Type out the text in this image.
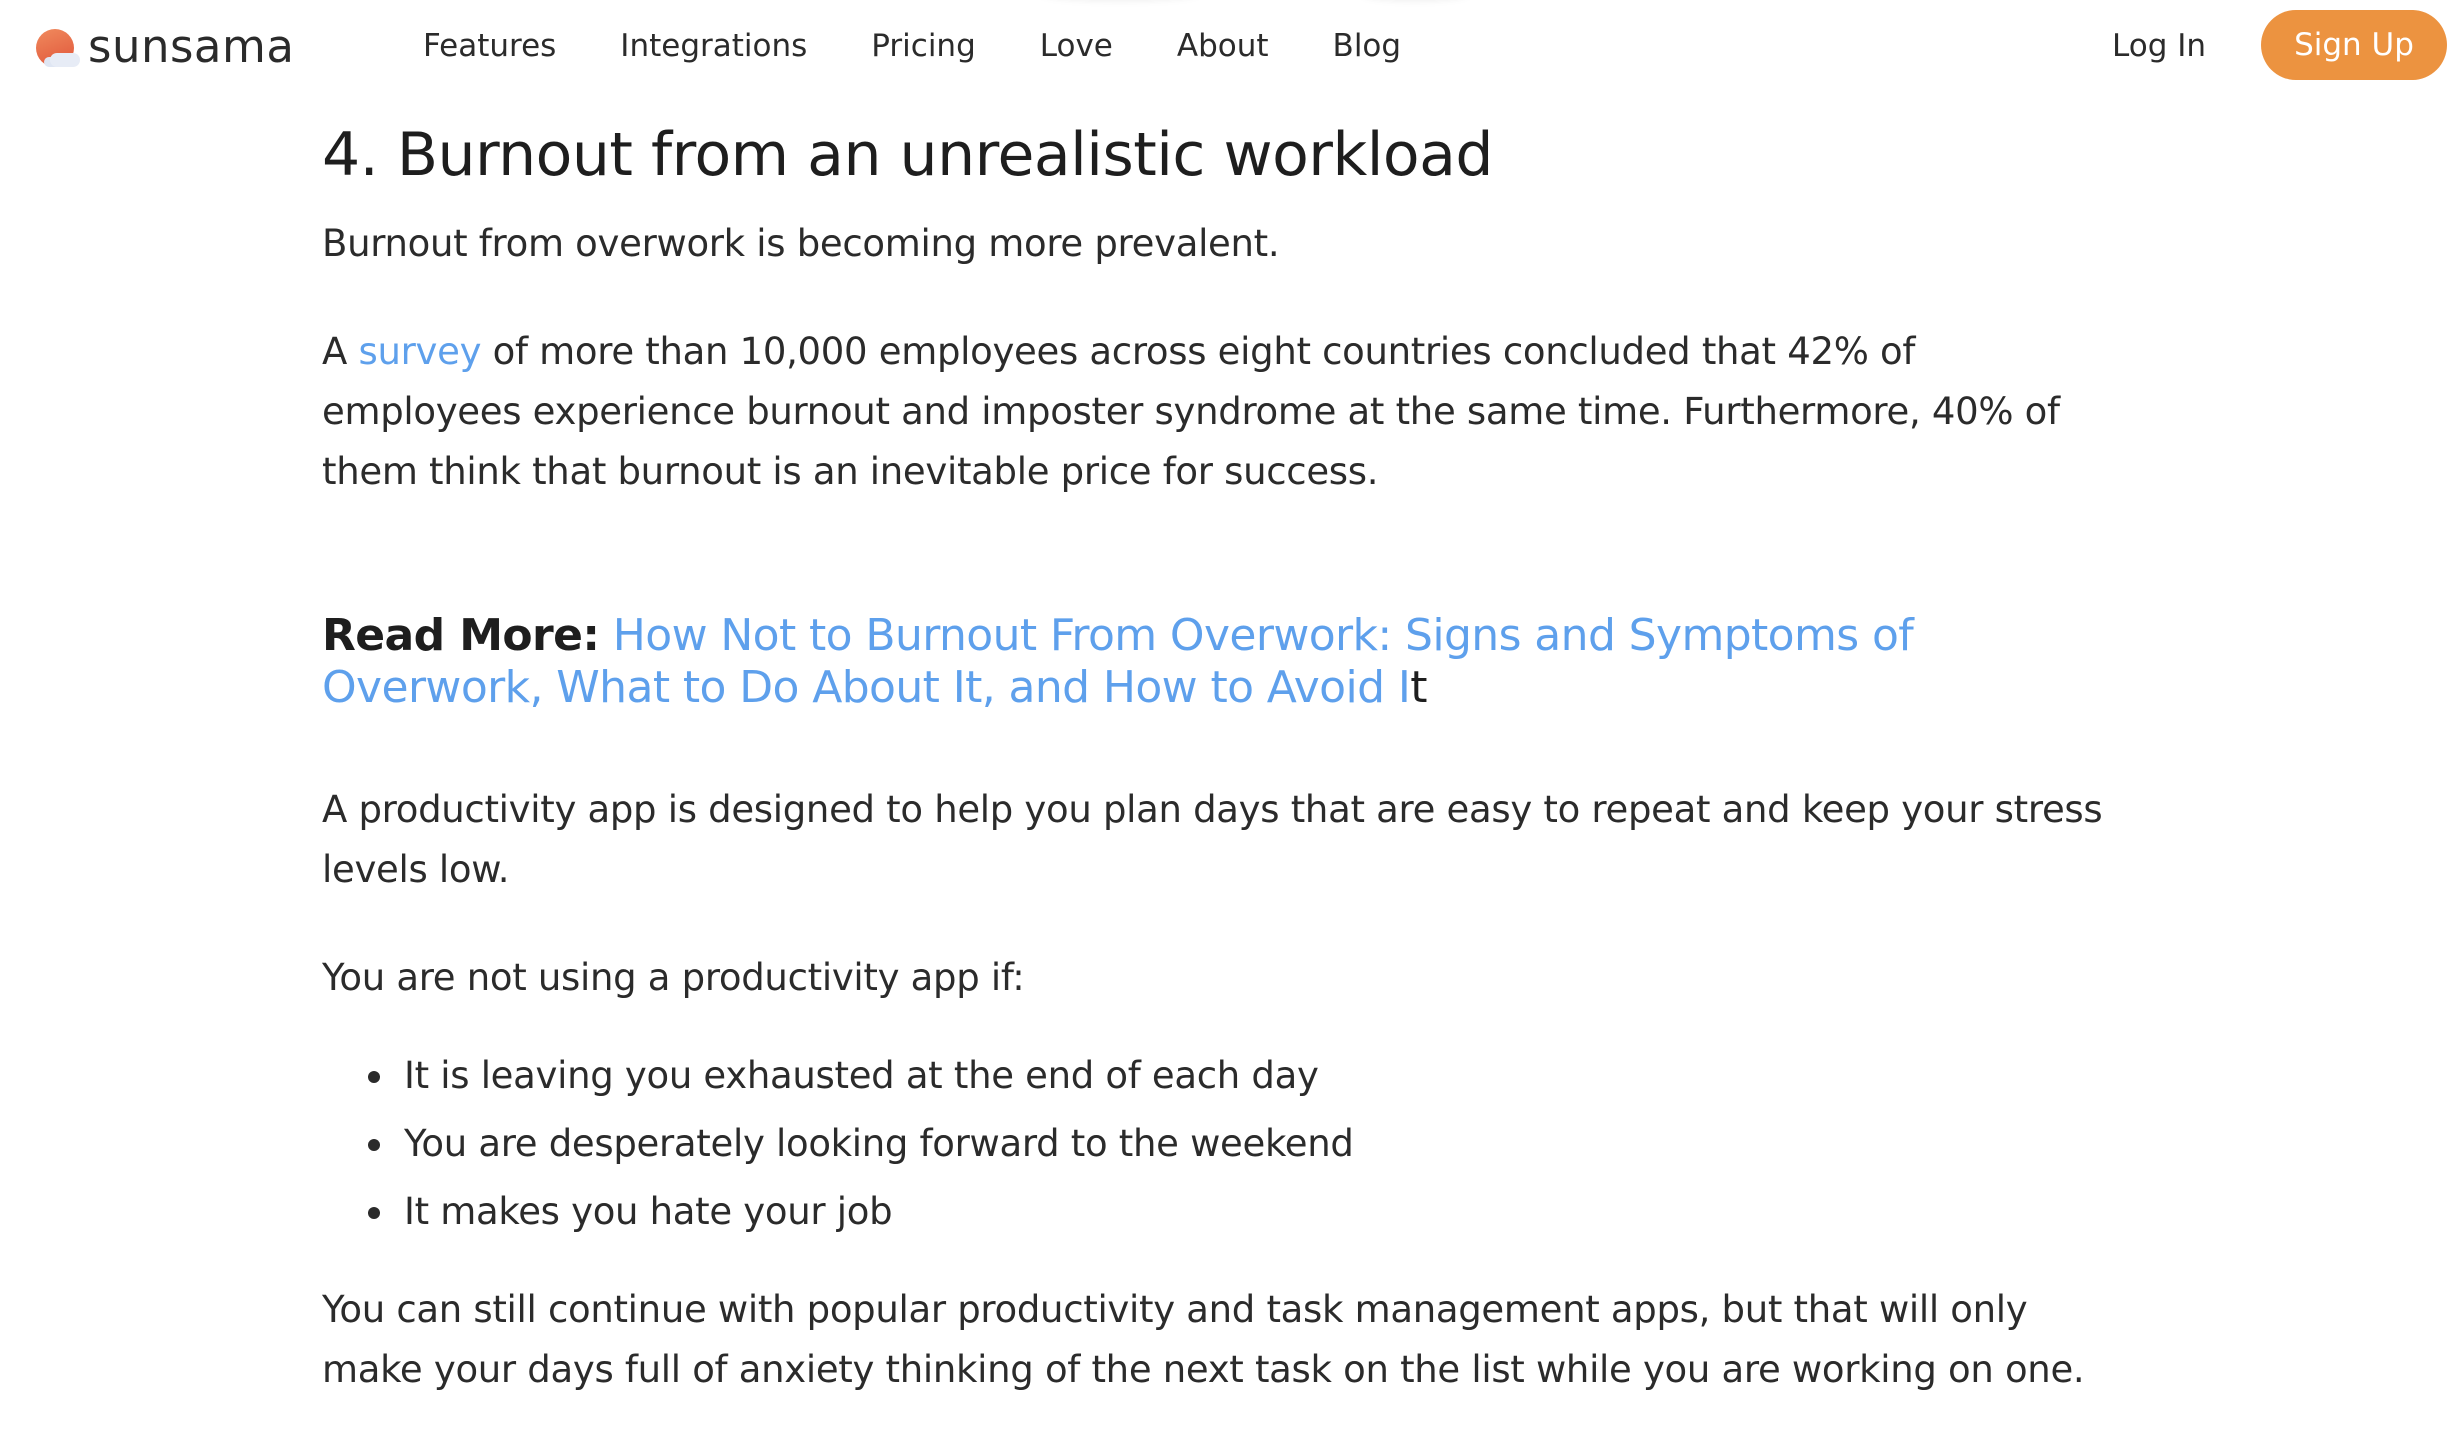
sunsama	Features Integrations Pricing Love About Blog	Log In	Sign Up
4. Burnout from an unrealistic workload

Burnout from overwork is becoming more prevalent.

A survey of more than 10,000 employees across eight countries concluded that 42% of employees experience burnout and imposter syndrome at the same time. Furthermore, 40% of them think that burnout is an inevitable price for success.

Read More: How Not to Burnout From Overwork: Signs and Symptoms of Overwork, What to Do About It, and How to Avoid It

A productivity app is designed to help you plan days that are easy to repeat and keep your stress levels low.

You are not using a productivity app if:

It is leaving you exhausted at the end of each day
You are desperately looking forward to the weekend
It makes you hate your job

You can still continue with popular productivity and task management apps, but that will only make your days full of anxiety thinking of the next task on the list while you are working on one.
